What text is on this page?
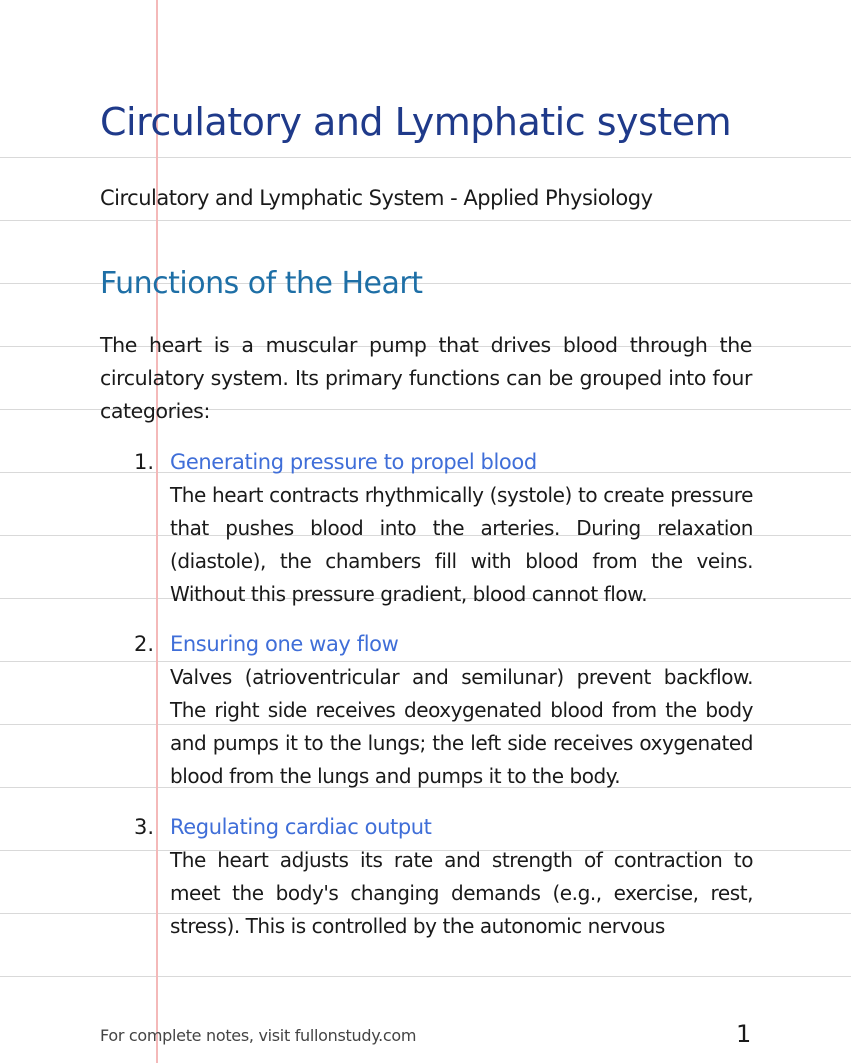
Circulatory and Lymphatic system
Circulatory and Lymphatic System - Applied Physiology
Functions of the Heart

The heart is a muscular pump that drives blood through the circulatory system. Its primary functions can be grouped into four categories:

1. Generating pressure to propel blood

The heart contracts rhythmically (systole) to create pressure that pushes blood into the arteries. During relaxation (diastole), the chambers fill with blood from the veins. Without this pressure gradient, blood cannot flow.

2. Ensuring one way flow

Valves (atrioventricular and semilunar) prevent backflow. The right side receives deoxygenated blood from the body and pumps it to the lungs; the left side receives oxygenated blood from the lungs and pumps it to the body.

3. Regulating cardiac output

The heart adjusts its rate and strength of contraction to meet the body's changing demands (e.g., exercise, rest, stress). This is controlled by the autonomic nervous

For complete notes, visit fullonstudy.com	1
